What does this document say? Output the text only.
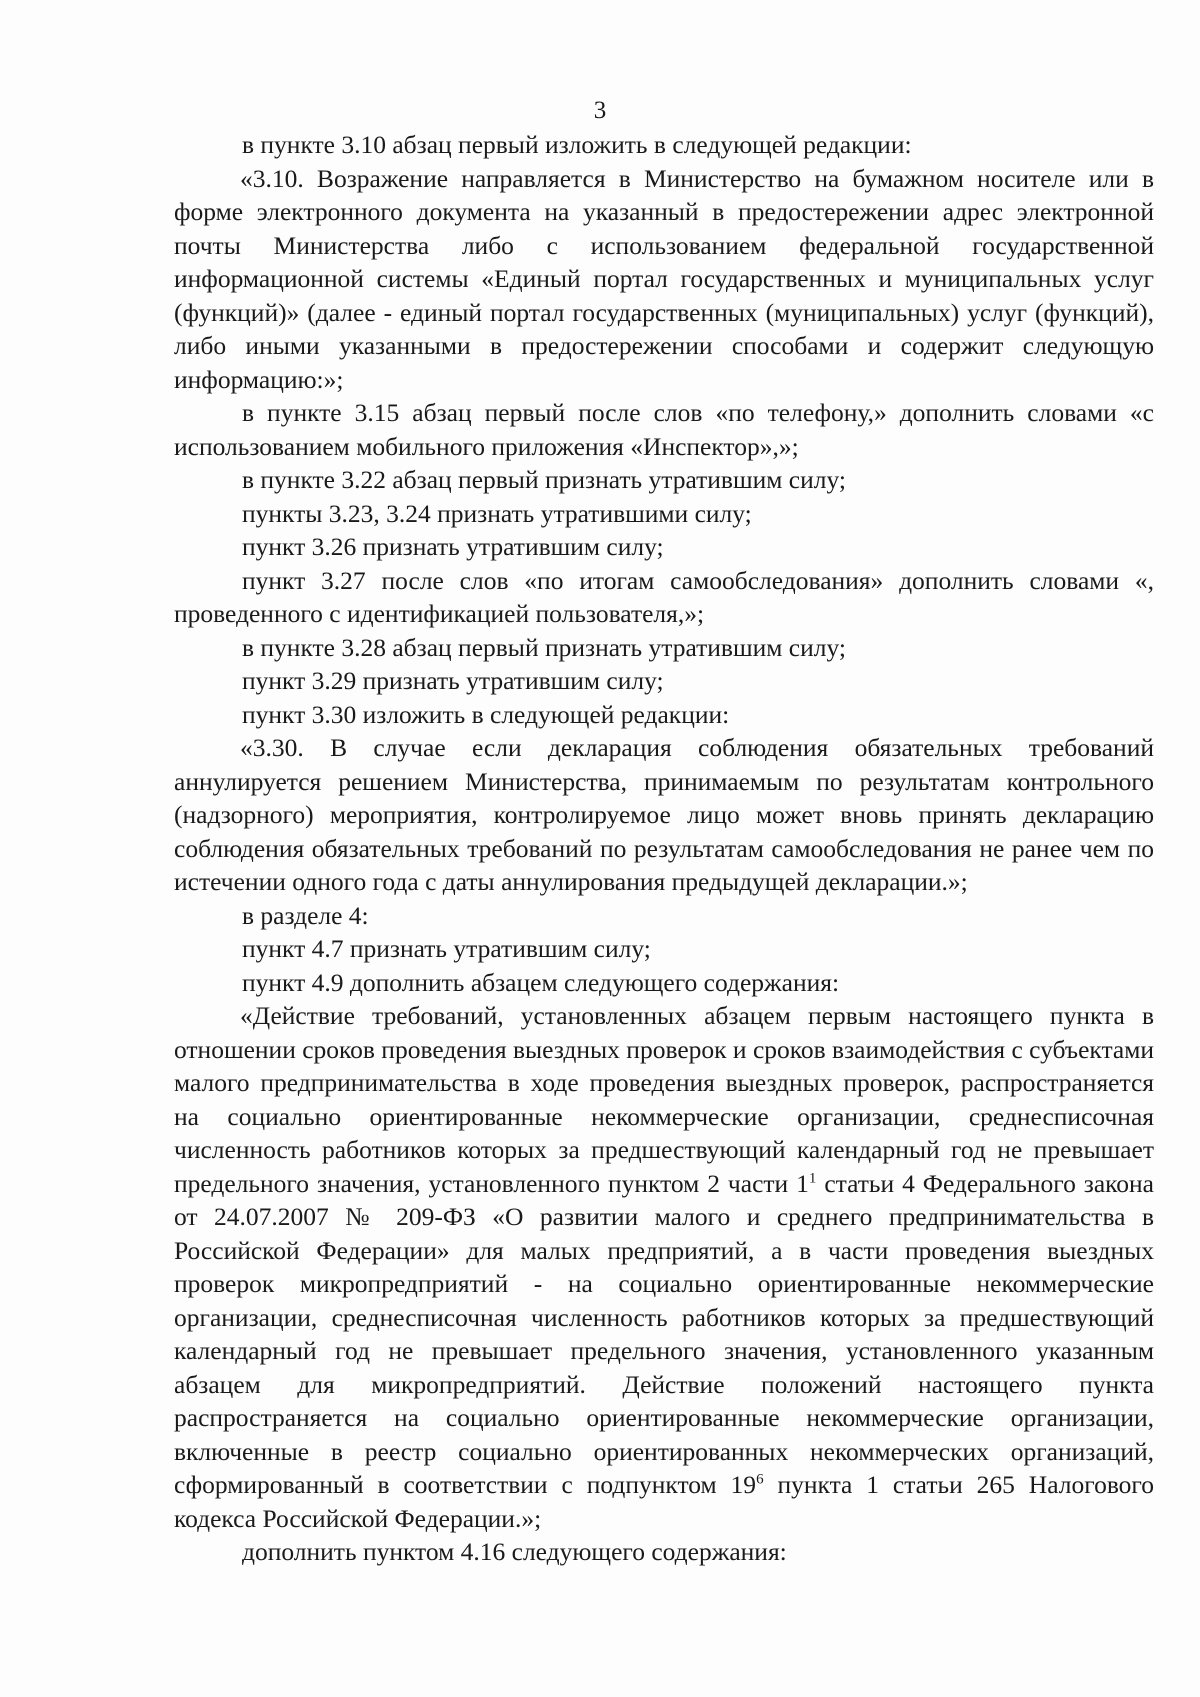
3

в пункте 3.10 абзац первый изложить в следующей редакции:

«3.10. Возражение направляется в Министерство на бумажном носителе или в форме электронного документа на указанный в предостережении адрес электронной почты Министерства либо с использованием федеральной государственной информационной системы «Единый портал государственных и муниципальных услуг (функций)» (далее - единый портал государственных (муниципальных) услуг (функций), либо иными указанными в предостережении способами и содержит следующую информацию:»;

в пункте 3.15 абзац первый после слов «по телефону,» дополнить словами «с использованием мобильного приложения «Инспектор»,»;

в пункте 3.22 абзац первый признать утратившим силу;

пункты 3.23, 3.24 признать утратившими силу;

пункт 3.26 признать утратившим силу;

пункт 3.27 после слов «по итогам самообследования» дополнить словами «, проведенного с идентификацией пользователя,»;

в пункте 3.28 абзац первый признать утратившим силу;

пункт 3.29 признать утратившим силу;

пункт 3.30 изложить в следующей редакции:

«3.30. В случае если декларация соблюдения обязательных требований аннулируется решением Министерства, принимаемым по результатам контрольного (надзорного) мероприятия, контролируемое лицо может вновь принять декларацию соблюдения обязательных требований по результатам самообследования не ранее чем по истечении одного года с даты аннулирования предыдущей декларации.»;

в разделе 4:

пункт 4.7 признать утратившим силу;

пункт 4.9 дополнить абзацем следующего содержания:

«Действие требований, установленных абзацем первым настоящего пункта в отношении сроков проведения выездных проверок и сроков взаимодействия с субъектами малого предпринимательства в ходе проведения выездных проверок, распространяется на социально ориентированные некоммерческие организации, среднесписочная численность работников которых за предшествующий календарный год не превышает предельного значения, установленного пунктом 2 части $1^1$ статьи 4 Федерального закона от 24.07.2007 № 209-ФЗ «О развитии малого и среднего предпринимательства в Российской Федерации» для малых предприятий, а в части проведения выездных проверок микропредприятий - на социально ориентированные некоммерческие организации, среднесписочная численность работников которых за предшествующий календарный год не превышает предельного значения, установленного указанным абзацем для микропредприятий. Действие положений настоящего пункта распространяется на социально ориентированные некоммерческие организации, включенные в реестр социально ориентированных некоммерческих организаций, сформированный в соответствии с подпунктом $19^6$ пункта 1 статьи 265 Налогового кодекса Российской Федерации.»;

дополнить пунктом 4.16 следующего содержания:
